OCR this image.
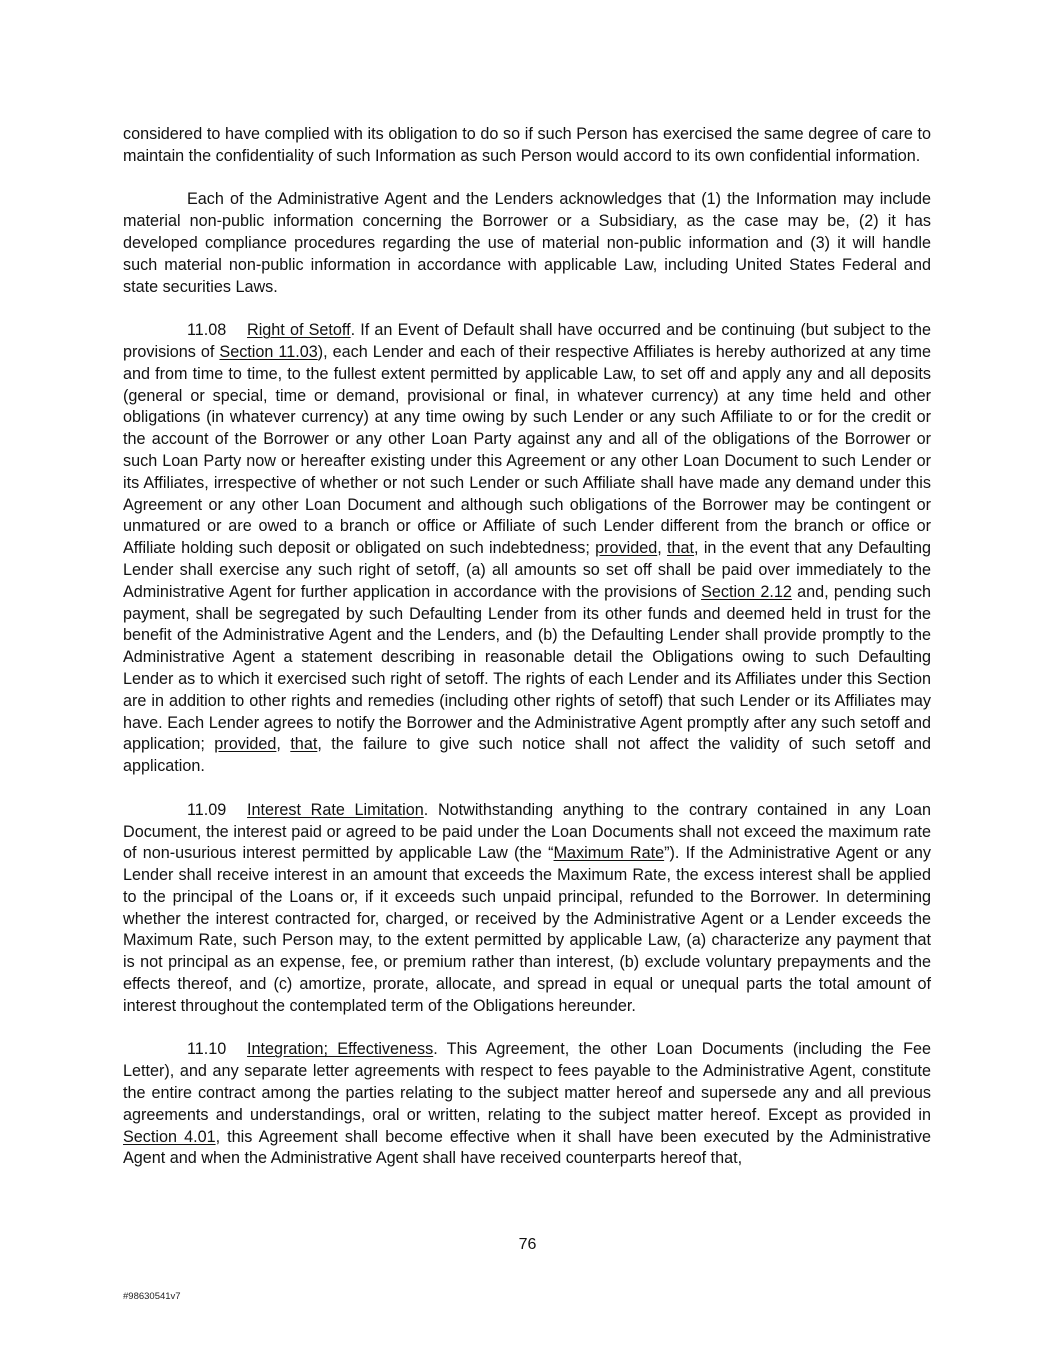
considered to have complied with its obligation to do so if such Person has exercised the same degree of care to maintain the confidentiality of such Information as such Person would accord to its own confidential information.

Each of the Administrative Agent and the Lenders acknowledges that (1) the Information may include material non-public information concerning the Borrower or a Subsidiary, as the case may be, (2) it has developed compliance procedures regarding the use of material non-public information and (3) it will handle such material non-public information in accordance with applicable Law, including United States Federal and state securities Laws.

11.08 Right of Setoff. If an Event of Default shall have occurred and be continuing (but subject to the provisions of Section 11.03), each Lender and each of their respective Affiliates is hereby authorized at any time and from time to time, to the fullest extent permitted by applicable Law, to set off and apply any and all deposits (general or special, time or demand, provisional or final, in whatever currency) at any time held and other obligations (in whatever currency) at any time owing by such Lender or any such Affiliate to or for the credit or the account of the Borrower or any other Loan Party against any and all of the obligations of the Borrower or such Loan Party now or hereafter existing under this Agreement or any other Loan Document to such Lender or its Affiliates, irrespective of whether or not such Lender or such Affiliate shall have made any demand under this Agreement or any other Loan Document and although such obligations of the Borrower may be contingent or unmatured or are owed to a branch or office or Affiliate of such Lender different from the branch or office or Affiliate holding such deposit or obligated on such indebtedness; provided, that, in the event that any Defaulting Lender shall exercise any such right of setoff, (a) all amounts so set off shall be paid over immediately to the Administrative Agent for further application in accordance with the provisions of Section 2.12 and, pending such payment, shall be segregated by such Defaulting Lender from its other funds and deemed held in trust for the benefit of the Administrative Agent and the Lenders, and (b) the Defaulting Lender shall provide promptly to the Administrative Agent a statement describing in reasonable detail the Obligations owing to such Defaulting Lender as to which it exercised such right of setoff. The rights of each Lender and its Affiliates under this Section are in addition to other rights and remedies (including other rights of setoff) that such Lender or its Affiliates may have. Each Lender agrees to notify the Borrower and the Administrative Agent promptly after any such setoff and application; provided, that, the failure to give such notice shall not affect the validity of such setoff and application.

11.09 Interest Rate Limitation. Notwithstanding anything to the contrary contained in any Loan Document, the interest paid or agreed to be paid under the Loan Documents shall not exceed the maximum rate of non-usurious interest permitted by applicable Law (the “Maximum Rate”). If the Administrative Agent or any Lender shall receive interest in an amount that exceeds the Maximum Rate, the excess interest shall be applied to the principal of the Loans or, if it exceeds such unpaid principal, refunded to the Borrower. In determining whether the interest contracted for, charged, or received by the Administrative Agent or a Lender exceeds the Maximum Rate, such Person may, to the extent permitted by applicable Law, (a) characterize any payment that is not principal as an expense, fee, or premium rather than interest, (b) exclude voluntary prepayments and the effects thereof, and (c) amortize, prorate, allocate, and spread in equal or unequal parts the total amount of interest throughout the contemplated term of the Obligations hereunder.

11.10 Integration; Effectiveness. This Agreement, the other Loan Documents (including the Fee Letter), and any separate letter agreements with respect to fees payable to the Administrative Agent, constitute the entire contract among the parties relating to the subject matter hereof and supersede any and all previous agreements and understandings, oral or written, relating to the subject matter hereof. Except as provided in Section 4.01, this Agreement shall become effective when it shall have been executed by the Administrative Agent and when the Administrative Agent shall have received counterparts hereof that,

76
#98630541v7
